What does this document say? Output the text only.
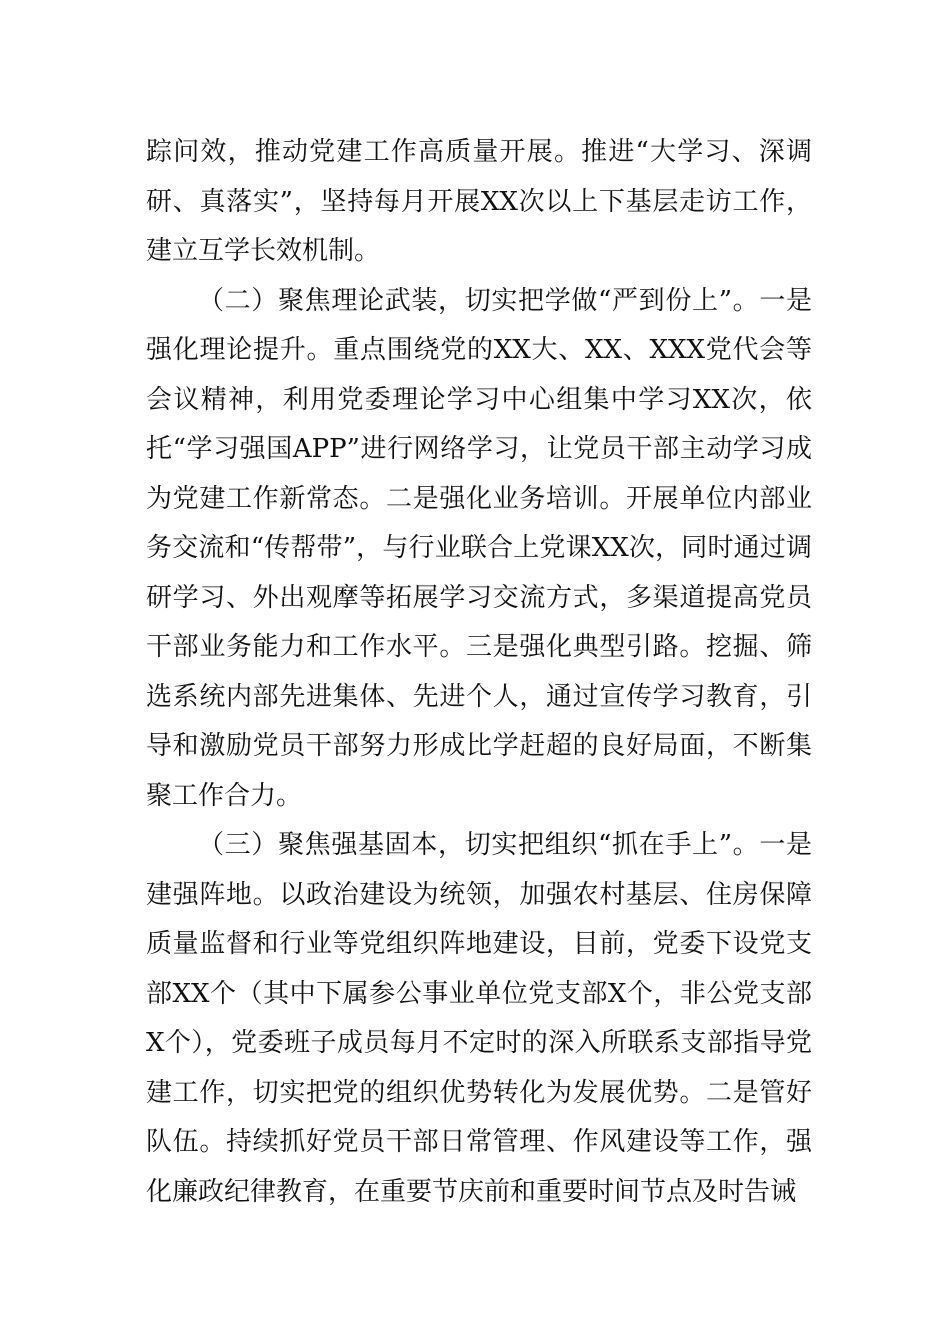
踪问效，推动党建工作高质量开展。推进“大学习、深调研、真落实”，坚持每月开展XX次以上下基层走访工作，建立互学长效机制。

（二）聚焦理论武装，切实把学做“严到份上”。一是强化理论提升。重点围绕党的XX大、XX、XXX党代会等会议精神，利用党委理论学习中心组集中学习XX次，依托“学习强国APP”进行网络学习，让党员干部主动学习成为党建工作新常态。二是强化业务培训。开展单位内部业务交流和“传帮带”，与行业联合上党课XX次，同时通过调研学习、外出观摩等拓展学习交流方式，多渠道提高党员干部业务能力和工作水平。三是强化典型引路。挖掘、筛选系统内部先进集体、先进个人，通过宣传学习教育，引导和激励党员干部努力形成比学赶超的良好局面，不断集聚工作合力。

（三）聚焦强基固本，切实把组织“抓在手上”。一是建强阵地。以政治建设为统领，加强农村基层、住房保障质量监督和行业等党组织阵地建设，目前，党委下设党支部XX个（其中下属参公事业单位党支部X个，非公党支部X个），党委班子成员每月不定时的深入所联系支部指导党建工作，切实把党的组织优势转化为发展优势。二是管好队伍。持续抓好党员干部日常管理、作风建设等工作，强化廉政纪律教育，在重要节庆前和重要时间节点及时告诫
